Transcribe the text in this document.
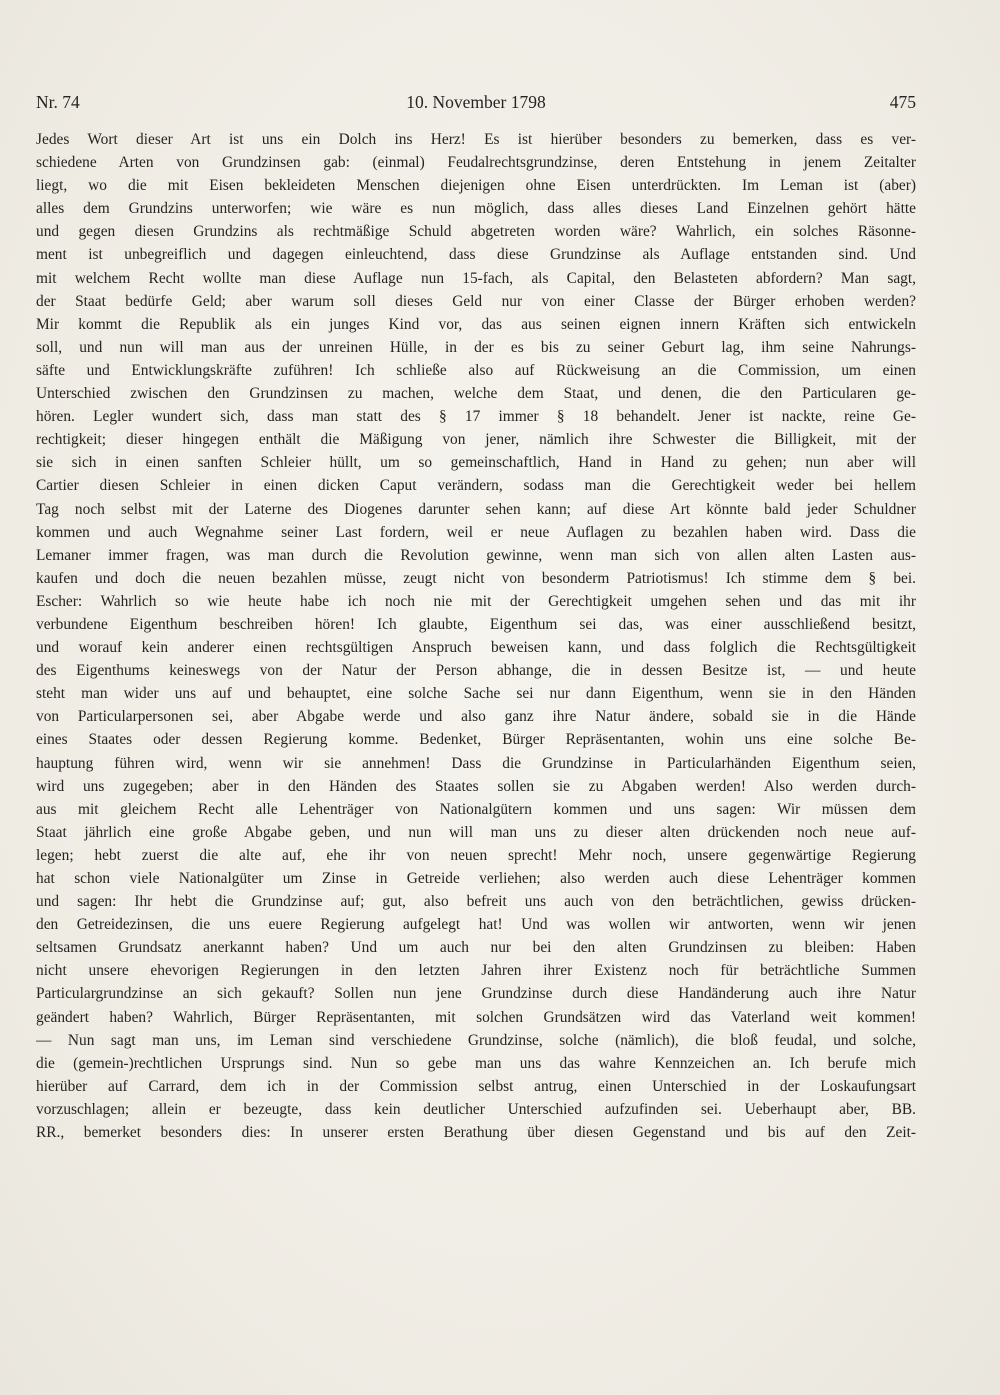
Nr. 74	10. November 1798	475
Jedes Wort dieser Art ist uns ein Dolch ins Herz! Es ist hierüber besonders zu bemerken, dass es ver-
schiedene Arten von Grundzinsen gab: (einmal) Feudalrechtsgrundzinse, deren Entstehung in jenem Zeitalter
liegt, wo die mit Eisen bekleideten Menschen diejenigen ohne Eisen unterdrückten. Im Leman ist (aber)
alles dem Grundzins unterworfen; wie wäre es nun möglich, dass alles dieses Land Einzelnen gehört hätte
und gegen diesen Grundzins als rechtmäßige Schuld abgetreten worden wäre? Wahrlich, ein solches Räsonne-
ment ist unbegreiflich und dagegen einleuchtend, dass diese Grundzinse als Auflage entstanden sind. Und
mit welchem Recht wollte man diese Auflage nun 15-fach, als Capital, den Belasteten abfordern? Man sagt,
der Staat bedürfe Geld; aber warum soll dieses Geld nur von einer Classe der Bürger erhoben werden?
Mir kommt die Republik als ein junges Kind vor, das aus seinen eignen innern Kräften sich entwickeln
soll, und nun will man aus der unreinen Hülle, in der es bis zu seiner Geburt lag, ihm seine Nahrungs-
säfte und Entwicklungskräfte zuführen! Ich schließe also auf Rückweisung an die Commission, um einen
Unterschied zwischen den Grundzinsen zu machen, welche dem Staat, und denen, die den Particularen ge-
hören. Legler wundert sich, dass man statt des § 17 immer § 18 behandelt. Jener ist nackte, reine Ge-
rechtigkeit; dieser hingegen enthält die Mäßigung von jener, nämlich ihre Schwester die Billigkeit, mit der
sie sich in einen sanften Schleier hüllt, um so gemeinschaftlich, Hand in Hand zu gehen; nun aber will
Cartier diesen Schleier in einen dicken Caput verändern, sodass man die Gerechtigkeit weder bei hellem
Tag noch selbst mit der Laterne des Diogenes darunter sehen kann; auf diese Art könnte bald jeder Schuldner
kommen und auch Wegnahme seiner Last fordern, weil er neue Auflagen zu bezahlen haben wird. Dass die
Lemaner immer fragen, was man durch die Revolution gewinne, wenn man sich von allen alten Lasten aus-
kaufen und doch die neuen bezahlen müsse, zeugt nicht von besonderm Patriotismus! Ich stimme dem § bei.
Escher: Wahrlich so wie heute habe ich noch nie mit der Gerechtigkeit umgehen sehen und das mit ihr
verbundene Eigenthum beschreiben hören! Ich glaubte, Eigenthum sei das, was einer ausschließend besitzt,
und worauf kein anderer einen rechtsgültigen Anspruch beweisen kann, und dass folglich die Rechtsgültigkeit
des Eigenthums keineswegs von der Natur der Person abhange, die in dessen Besitze ist, — und heute
steht man wider uns auf und behauptet, eine solche Sache sei nur dann Eigenthum, wenn sie in den Händen
von Particularpersonen sei, aber Abgabe werde und also ganz ihre Natur ändere, sobald sie in die Hände
eines Staates oder dessen Regierung komme. Bedenket, Bürger Repräsentanten, wohin uns eine solche Be-
hauptung führen wird, wenn wir sie annehmen! Dass die Grundzinse in Particularhänden Eigenthum seien,
wird uns zugegeben; aber in den Händen des Staates sollen sie zu Abgaben werden! Also werden durch-
aus mit gleichem Recht alle Lehenträger von Nationalgütern kommen und uns sagen: Wir müssen dem
Staat jährlich eine große Abgabe geben, und nun will man uns zu dieser alten drückenden noch neue auf-
legen; hebt zuerst die alte auf, ehe ihr von neuen sprecht! Mehr noch, unsere gegenwärtige Regierung
hat schon viele Nationalgüter um Zinse in Getreide verliehen; also werden auch diese Lehenträger kommen
und sagen: Ihr hebt die Grundzinse auf; gut, also befreit uns auch von den beträchtlichen, gewiss drücken-
den Getreidezinsen, die uns euere Regierung aufgelegt hat! Und was wollen wir antworten, wenn wir jenen
seltsamen Grundsatz anerkannt haben? Und um auch nur bei den alten Grundzinsen zu bleiben: Haben
nicht unsere ehevorigen Regierungen in den letzten Jahren ihrer Existenz noch für beträchtliche Summen
Particulargrundzinse an sich gekauft? Sollen nun jene Grundzinse durch diese Handänderung auch ihre Natur
geändert haben? Wahrlich, Bürger Repräsentanten, mit solchen Grundsätzen wird das Vaterland weit kommen!
— Nun sagt man uns, im Leman sind verschiedene Grundzinse, solche (nämlich), die bloß feudal, und solche,
die (gemein-)rechtlichen Ursprungs sind. Nun so gebe man uns das wahre Kennzeichen an. Ich berufe mich
hierüber auf Carrard, dem ich in der Commission selbst antrug, einen Unterschied in der Loskaufungsart
vorzuschlagen; allein er bezeugte, dass kein deutlicher Unterschied aufzufinden sei. Ueberhaupt aber, BB.
RR., bemerket besonders dies: In unserer ersten Berathung über diesen Gegenstand und bis auf den Zeit-
